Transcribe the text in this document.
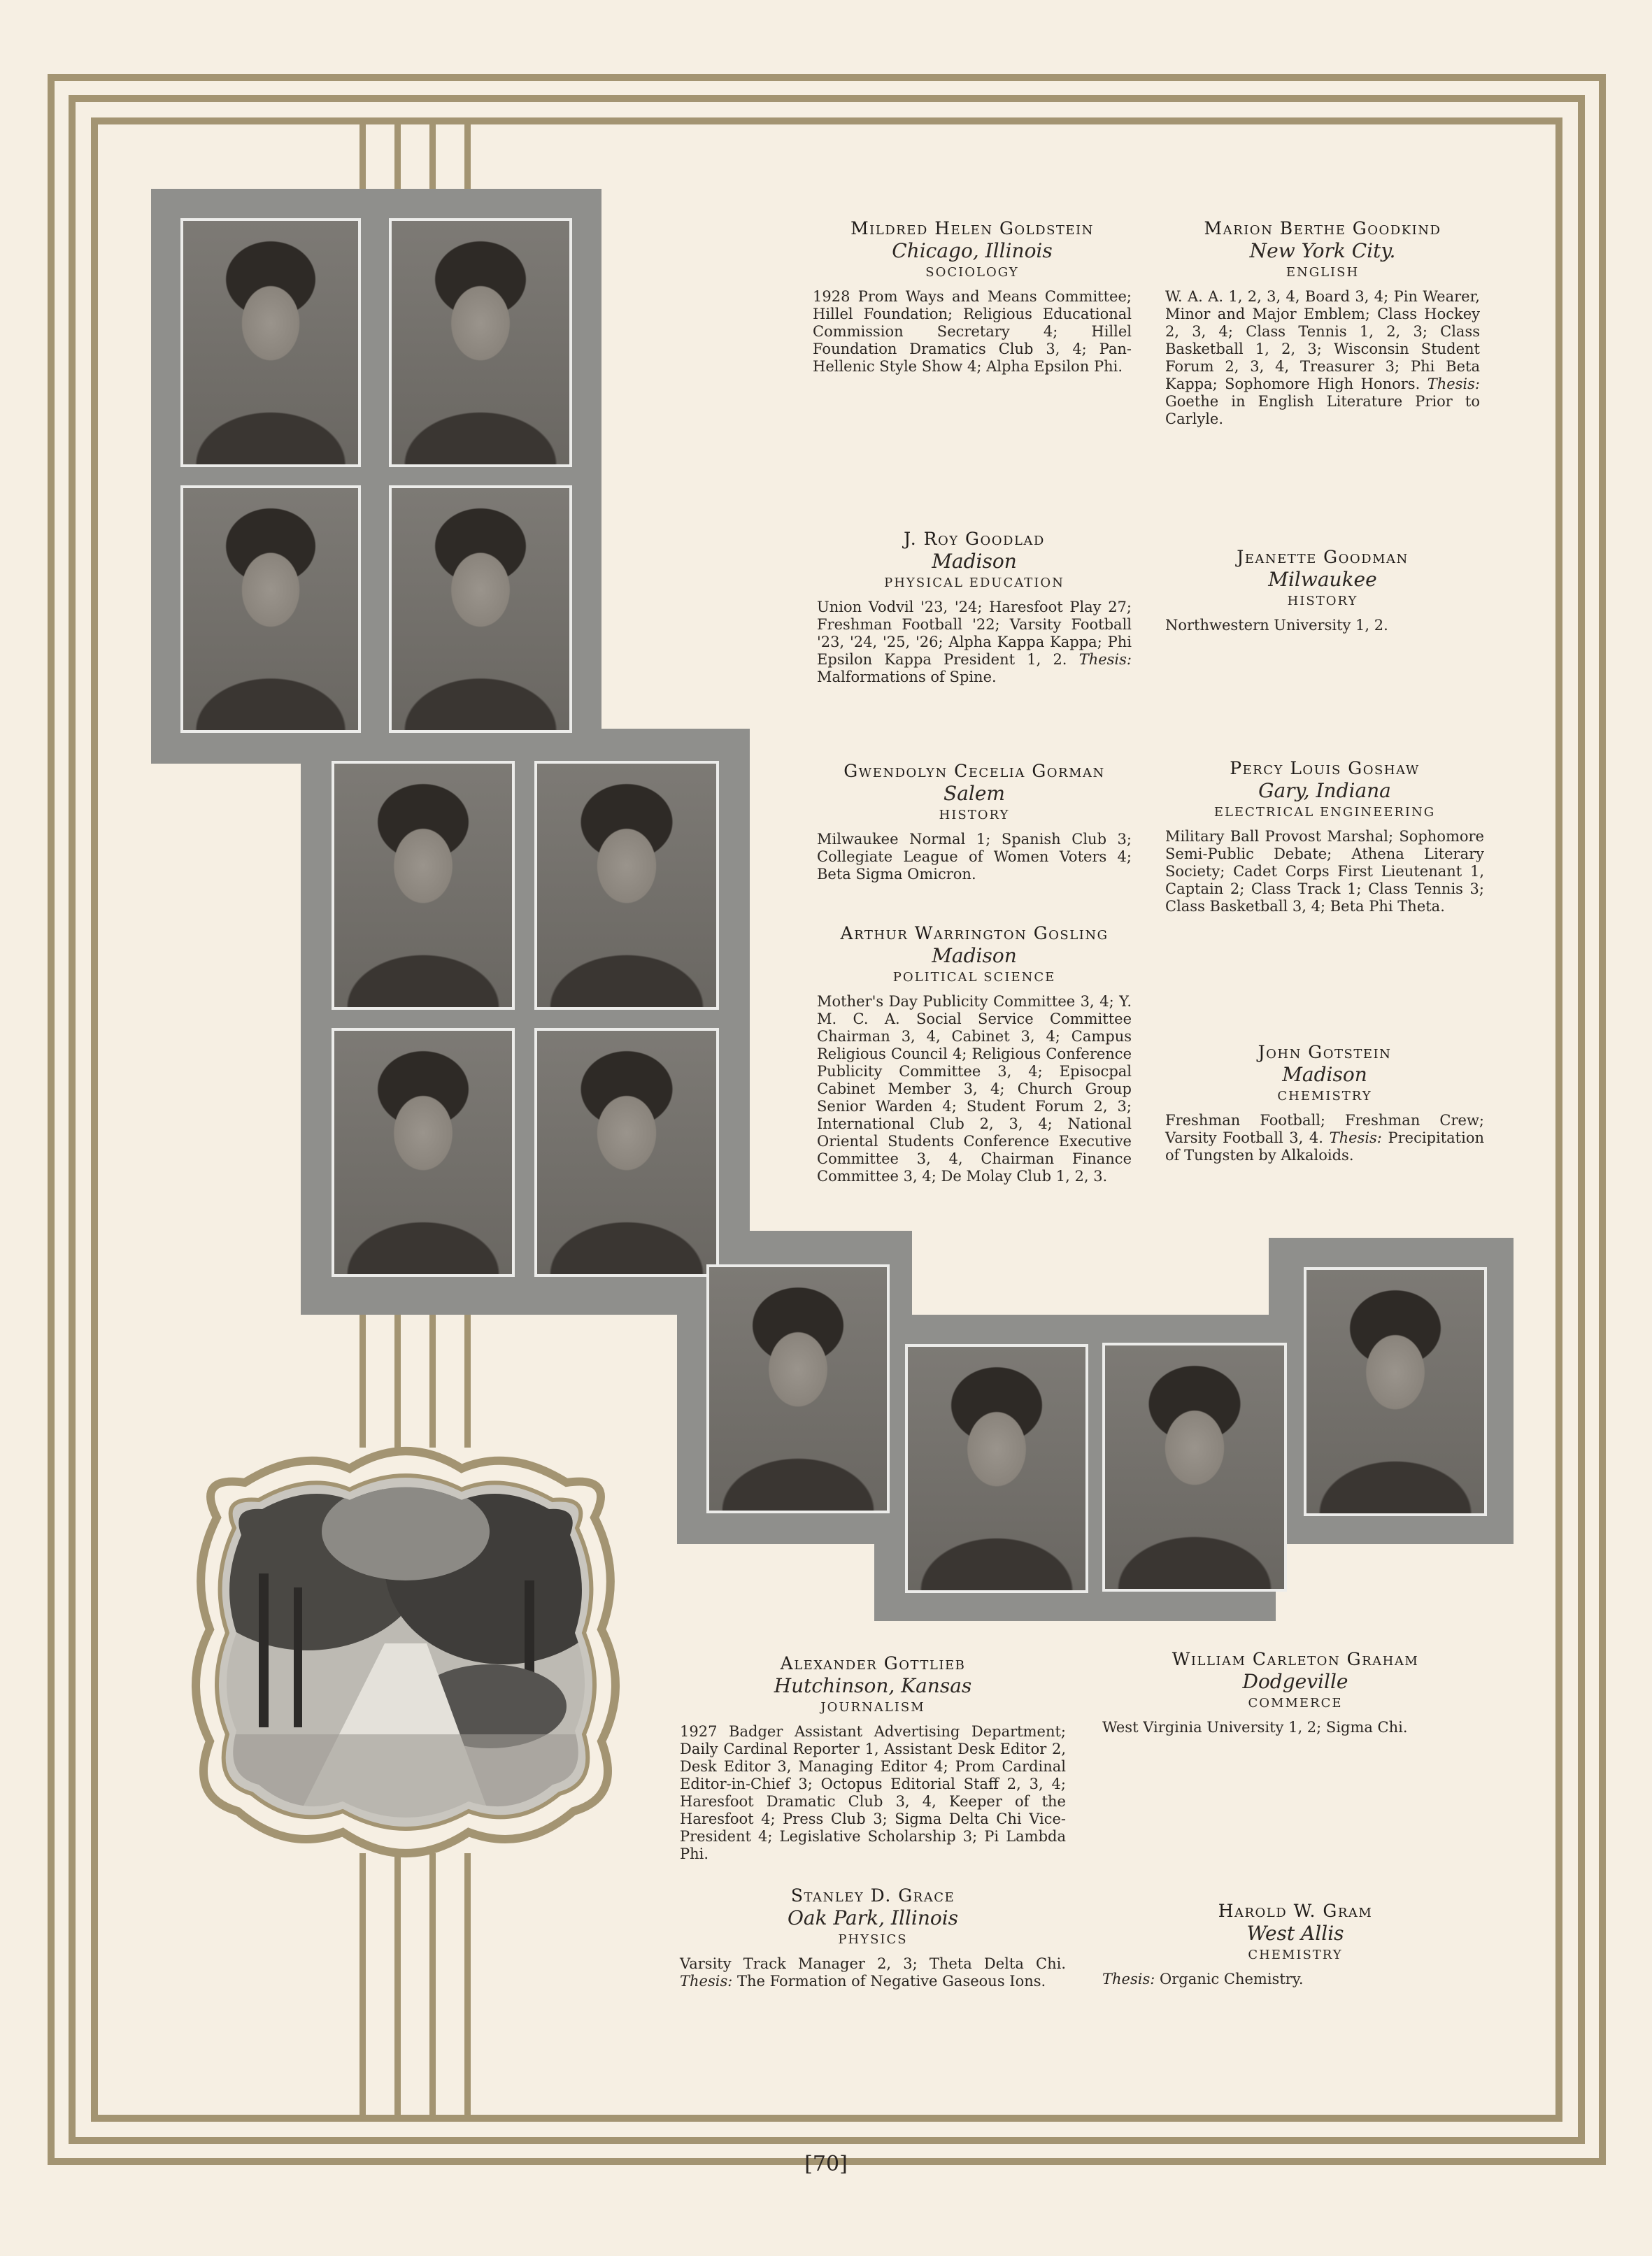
Mildred Helen Goldstein
Chicago, Illinois
SOCIOLOGY
1928 Prom Ways and Means Committee; Hillel Foundation; Religious Educational Commission Secretary 4; Hillel Foundation Dramatics Club 3, 4; Pan-Hellenic Style Show 4; Alpha Epsilon Phi.
Marion Berthe Goodkind
New York City.
ENGLISH
W. A. A. 1, 2, 3, 4, Board 3, 4; Pin Wearer, Minor and Major Emblem; Class Hockey 2, 3, 4; Class Tennis 1, 2, 3; Class Basketball 1, 2, 3; Wisconsin Student Forum 2, 3, 4, Treasurer 3; Phi Beta Kappa; Sophomore High Honors. Thesis: Goethe in English Literature Prior to Carlyle.
J. Roy Goodlad
Madison
PHYSICAL EDUCATION
Union Vodvil '23, '24; Haresfoot Play 27; Freshman Football '22; Varsity Football '23, '24, '25, '26; Alpha Kappa Kappa; Phi Epsilon Kappa President 1, 2. Thesis: Malformations of Spine.
Jeanette Goodman
Milwaukee
HISTORY
Northwestern University 1, 2.
Gwendolyn Cecelia Gorman
Salem
HISTORY
Milwaukee Normal 1; Spanish Club 3; Collegiate League of Women Voters 4; Beta Sigma Omicron.
Percy Louis Goshaw
Gary, Indiana
ELECTRICAL ENGINEERING
Military Ball Provost Marshal; Sophomore Semi-Public Debate; Athena Literary Society; Cadet Corps First Lieutenant 1, Captain 2; Class Track 1; Class Tennis 3; Class Basketball 3, 4; Beta Phi Theta.
Arthur Warrington Gosling
Madison
POLITICAL SCIENCE
Mother's Day Publicity Committee 3, 4; Y. M. C. A. Social Service Committee Chairman 3, 4, Cabinet 3, 4; Campus Religious Council 4; Religious Conference Publicity Committee 3, 4; Episocpal Cabinet Member 3, 4; Church Group Senior Warden 4; Student Forum 2, 3; International Club 2, 3, 4; National Oriental Students Conference Executive Committee 3, 4, Chairman Finance Committee 3, 4; De Molay Club 1, 2, 3.
John Gotstein
Madison
CHEMISTRY
Freshman Football; Freshman Crew; Varsity Football 3, 4. Thesis: Precipitation of Tungsten by Alkaloids.
Alexander Gottlieb
Hutchinson, Kansas
JOURNALISM
1927 Badger Assistant Advertising Department; Daily Cardinal Reporter 1, Assistant Desk Editor 2, Desk Editor 3, Managing Editor 4; Prom Cardinal Editor-in-Chief 3; Octopus Editorial Staff 2, 3, 4; Haresfoot Dramatic Club 3, 4, Keeper of the Haresfoot 4; Press Club 3; Sigma Delta Chi Vice-President 4; Legislative Scholarship 3; Pi Lambda Phi.
William Carleton Graham
Dodgeville
COMMERCE
West Virginia University 1, 2; Sigma Chi.
Stanley D. Grace
Oak Park, Illinois
PHYSICS
Varsity Track Manager 2, 3; Theta Delta Chi. Thesis: The Formation of Negative Gaseous Ions.
Harold W. Gram
West Allis
CHEMISTRY
Thesis: Organic Chemistry.
[70]
